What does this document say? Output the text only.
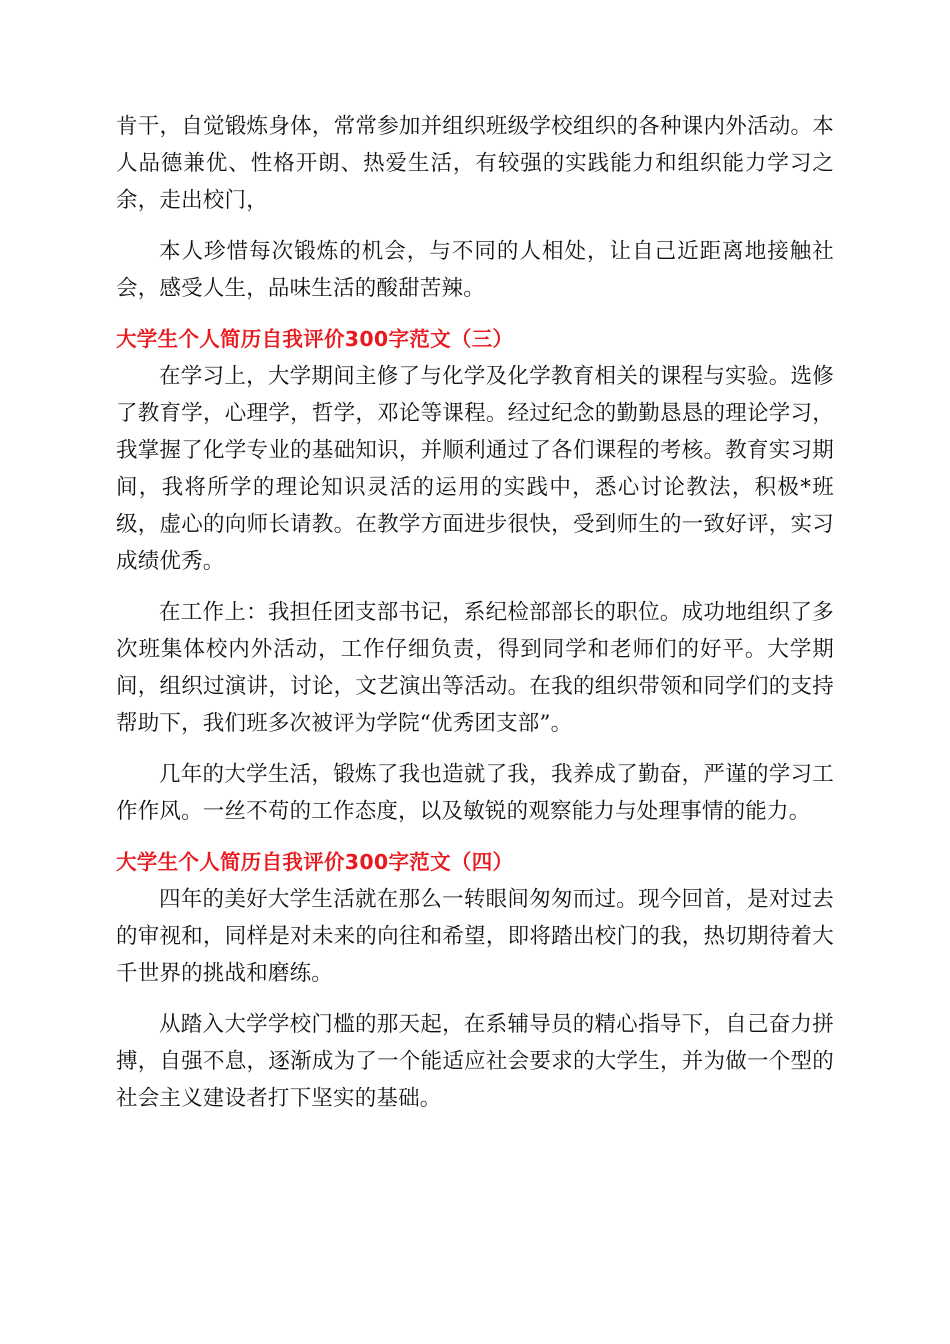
肯干，自觉锻炼身体，常常参加并组织班级学校组织的各种课内外活动。本人品德兼优、性格开朗、热爱生活，有较强的实践能力和组织能力学习之余，走出校门，

本人珍惜每次锻炼的机会，与不同的人相处，让自己近距离地接触社会，感受人生，品味生活的酸甜苦辣。

大学生个人简历自我评价300字范文（三）

在学习上，大学期间主修了与化学及化学教育相关的课程与实验。选修了教育学，心理学，哲学，邓论等课程。经过纪念的勤勤恳恳的理论学习，我掌握了化学专业的基础知识，并顺利通过了各们课程的考核。教育实习期间，我将所学的理论知识灵活的运用的实践中，悉心讨论教法，积极*班级，虚心的向师长请教。在教学方面进步很快，受到师生的一致好评，实习成绩优秀。

在工作上：我担任团支部书记，系纪检部部长的职位。成功地组织了多次班集体校内外活动，工作仔细负责，得到同学和老师们的好平。大学期间，组织过演讲，讨论，文艺演出等活动。在我的组织带领和同学们的支持帮助下，我们班多次被评为学院“优秀团支部”。

几年的大学生活，锻炼了我也造就了我，我养成了勤奋，严谨的学习工作作风。一丝不苟的工作态度，以及敏锐的观察能力与处理事情的能力。

大学生个人简历自我评价300字范文（四）

四年的美好大学生活就在那么一转眼间匆匆而过。现今回首，是对过去的审视和，同样是对未来的向往和希望，即将踏出校门的我，热切期待着大千世界的挑战和磨练。

从踏入大学学校门槛的那天起，在系辅导员的精心指导下，自己奋力拼搏，自强不息，逐渐成为了一个能适应社会要求的大学生，并为做一个型的社会主义建设者打下坚实的基础。
